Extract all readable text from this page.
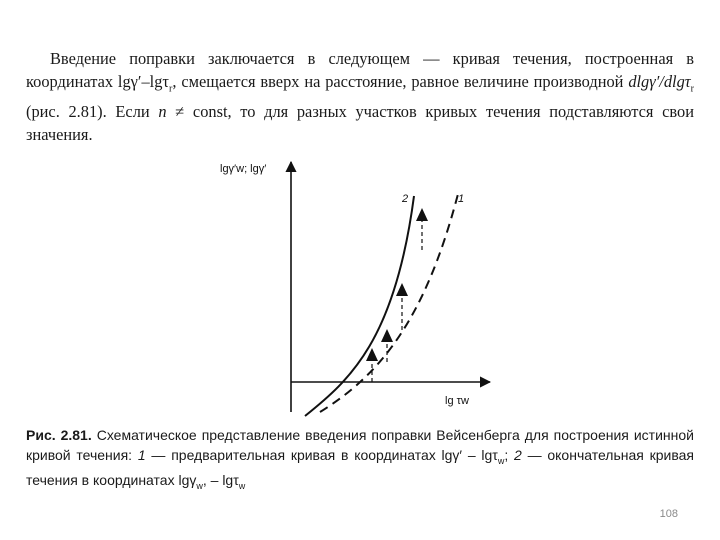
Введение поправки заключается в следующем — кривая течения, построенная в координатах lgγ′–lgτ$_r$, смещается вверх на расстояние, равное величине производной dlgγ′/dlgτ$_r$ (рис. 2.81). Если n ≠ const, то для разных участков кривых течения подставляются свои значения.
lgγ′w; lgγ′
lg τw
2	1
Рис. 2.81. Схематическое представление введения поправки Вейсенберга для построения истинной кривой течения: 1 — предварительная кривая в координатах lgγ′ – lgτ$_w$; 2 — окончательная кривая течения в координатах lgγ$_w$, – lgτ$_w$
108
